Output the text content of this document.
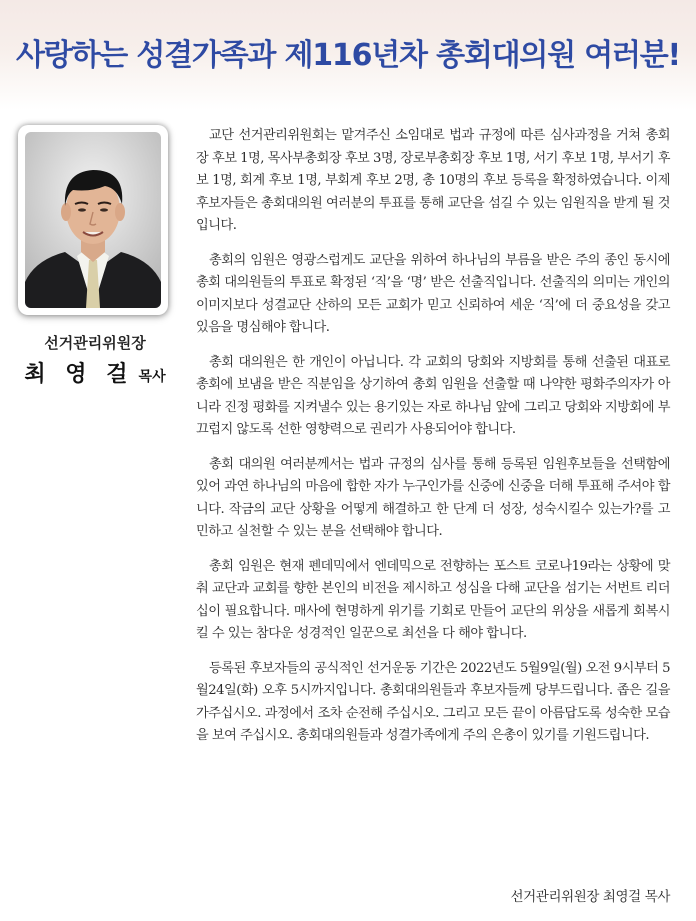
사랑하는 성결가족과 제116년차 총회대의원 여러분!
선거관리위원장
최 영 걸 목사

교단 선거관리위원회는 맡겨주신 소임대로 법과 규정에 따른 심사과정을 거쳐 총회장 후보 1명, 목사부총회장 후보 3명, 장로부총회장 후보 1명, 서기 후보 1명, 부서기 후보 1명, 회계 후보 1명, 부회계 후보 2명, 총 10명의 후보 등록을 확정하였습니다. 이제 후보자들은 총회대의원 여러분의 투표를 통해 교단을 섬길 수 있는 임원직을 받게 될 것입니다.

총회의 임원은 영광스럽게도 교단을 위하여 하나님의 부름을 받은 주의 종인 동시에 총회 대의원들의 투표로 확정된 ‘직’을 ‘명’ 받은 선출직입니다. 선출직의 의미는 개인의 이미지보다 성결교단 산하의 모든 교회가 믿고 신뢰하여 세운 ‘직’에 더 중요성을 갖고 있음을 명심해야 합니다.

총회 대의원은 한 개인이 아닙니다. 각 교회의 당회와 지방회를 통해 선출된 대표로 총회에 보냄을 받은 직분임을 상기하여 총회 임원을 선출할 때 나약한 평화주의자가 아니라 진정 평화를 지켜낼수 있는 용기있는 자로 하나님 앞에 그리고 당회와 지방회에 부끄럽지 않도록 선한 영향력으로 권리가 사용되어야 합니다.

총회 대의원 여러분께서는 법과 규정의 심사를 통해 등록된 임원후보들을 선택함에 있어 과연 하나님의 마음에 합한 자가 누구인가를 신중에 신중을 더해 투표해 주셔야 합니다. 작금의 교단 상황을 어떻게 해결하고 한 단계 더 성장, 성숙시킬수 있는가?를 고민하고 실천할 수 있는 분을 선택해야 합니다.

총회 임원은 현재 펜데믹에서 엔데믹으로 전향하는 포스트 코로나19라는 상황에 맞춰 교단과 교회를 향한 본인의 비전을 제시하고 성심을 다해 교단을 섬기는 서번트 리더십이 필요합니다. 매사에 현명하게 위기를 기회로 만들어 교단의 위상을 새롭게 회복시킬 수 있는 참다운 성경적인 일꾼으로 최선을 다 해야 합니다.

등록된 후보자들의 공식적인 선거운동 기간은 2022년도 5월9일(월) 오전 9시부터 5월24일(화) 오후 5시까지입니다. 총회대의원들과 후보자들께 당부드립니다. 좁은 길을 가주십시오. 과정에서 조차 순전해 주십시오. 그리고 모든 끝이 아름답도록 성숙한 모습을 보여 주십시오. 총회대의원들과 성결가족에게 주의 은총이 있기를 기원드립니다.

선거관리위원장 최영걸 목사
